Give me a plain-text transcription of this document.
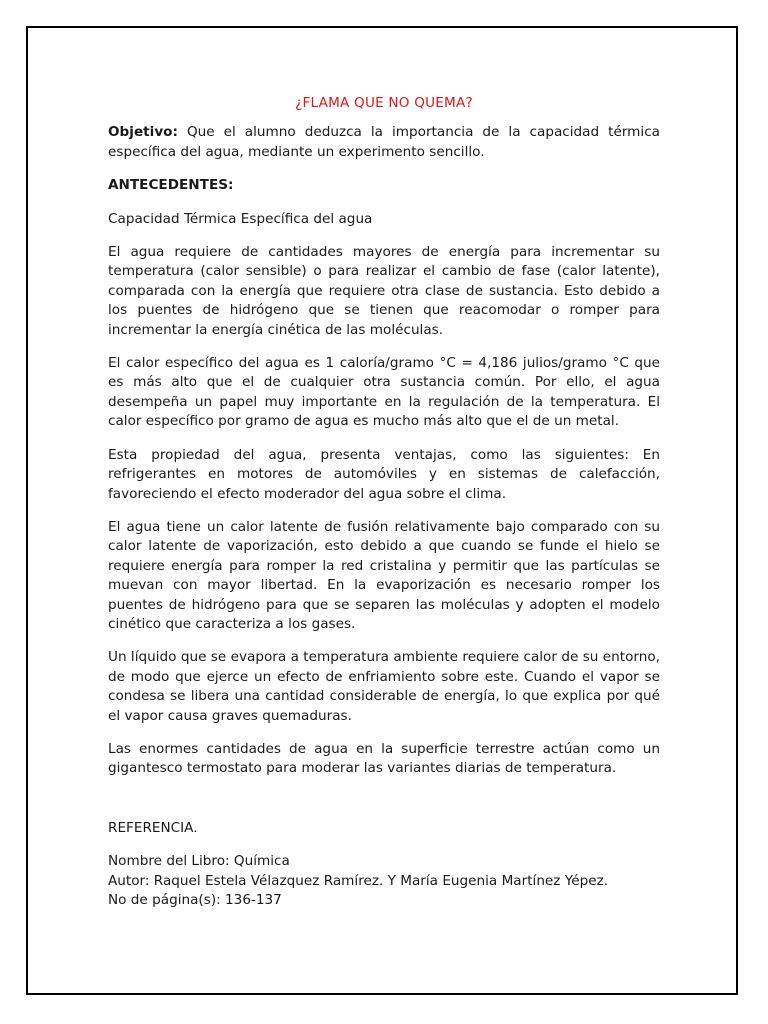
¿FLAMA QUE NO QUEMA?

Objetivo: Que el alumno deduzca la importancia de la capacidad térmica específica del agua, mediante un experimento sencillo.

ANTECEDENTES:

Capacidad Térmica Específica del agua

El agua requiere de cantidades mayores de energía para incrementar su temperatura (calor sensible) o para realizar el cambio de fase (calor latente), comparada con la energía que requiere otra clase de sustancia. Esto debido a los puentes de hidrógeno que se tienen que reacomodar o romper para incrementar la energía cinética de las moléculas.

El calor específico del agua es 1 caloría/gramo °C = 4,186 julios/gramo °C que es más alto que el de cualquier otra sustancia común. Por ello, el agua desempeña un papel muy importante en la regulación de la temperatura. El calor específico por gramo de agua es mucho más alto que el de un metal.

Esta propiedad del agua, presenta ventajas, como las siguientes: En refrigerantes en motores de automóviles y en sistemas de calefacción, favoreciendo el efecto moderador del agua sobre el clima.

El agua tiene un calor latente de fusión relativamente bajo comparado con su calor latente de vaporización, esto debido a que cuando se funde el hielo se requiere energía para romper la red cristalina y permitir que las partículas se muevan con mayor libertad. En la evaporización es necesario romper los puentes de hidrógeno para que se separen las moléculas y adopten el modelo cinético que caracteriza a los gases.

Un líquido que se evapora a temperatura ambiente requiere calor de su entorno, de modo que ejerce un efecto de enfriamiento sobre este. Cuando el vapor se condesa se libera una cantidad considerable de energía, lo que explica por qué el vapor causa graves quemaduras.

Las enormes cantidades de agua en la superficie terrestre actúan como un gigantesco termostato para moderar las variantes diarias de temperatura.

REFERENCIA.

Nombre del Libro: Química

Autor: Raquel Estela Vélazquez Ramírez. Y María Eugenia Martínez Yépez.

No de página(s): 136-137
